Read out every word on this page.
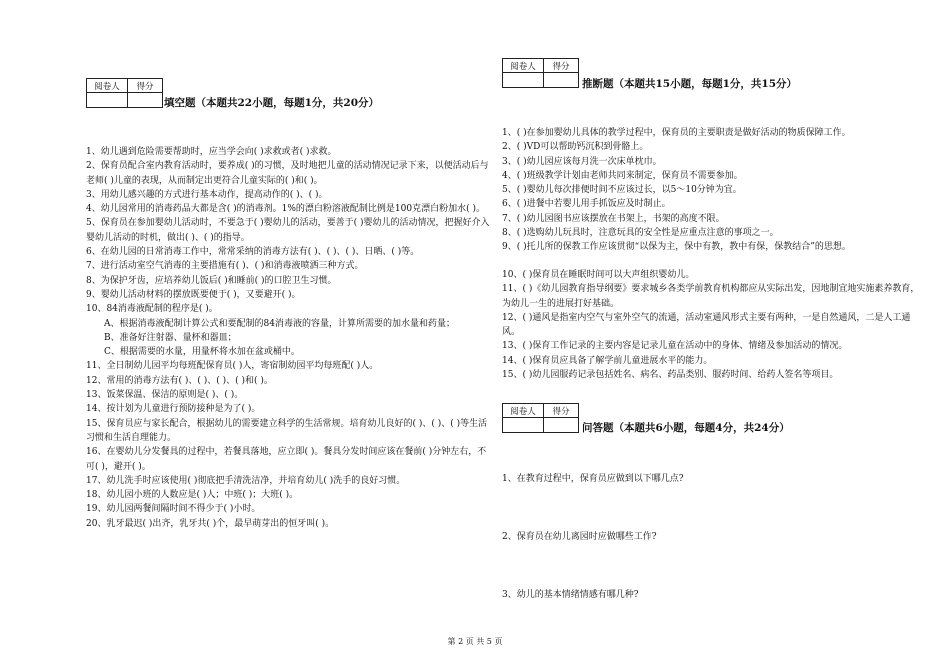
阅卷人	得分

填空题（本题共22小题，每题1分，共20分）
1、幼儿遇到危险需要帮助时，应当学会向( )求救或者( )求救。
2、保育员配合室内教育活动时，要养成( )的习惯，及时地把儿童的活动情况记录下来，以便活动后与老师( )儿童的表现，从而制定出更符合儿童实际的( )和( )。
3、用幼儿感兴趣的方式进行基本动作，提高动作的( )、( )。
4、幼儿园常用的消毒药品大都是含( )的消毒剂。1%的漂白粉溶液配制比例是100克漂白粉加水( )。
5、保育员在参加婴幼儿活动时，不要急于( )婴幼儿的活动，要善于( )婴幼儿的活动情况，把握好介入婴幼儿活动的时机，做出( )、( )的指导。
6、在幼儿园的日常消毒工作中，常常采纳的消毒方法有( )、( )、( )、日晒、( )等。
7、进行活动室空气消毒的主要措施有( )、( )和消毒液喷洒三种方式。
8、为保护牙齿，应培养幼儿饭后( )和睡前( )的口腔卫生习惯。
9、婴幼儿活动材料的摆放既要便于( )，又要避开( )。
10、84消毒液配制的程序是( )。
A、根据消毒液配制计算公式和要配制的84消毒液的容量，计算所需要的加水量和药量；
B、准备好注射器、量杯和器皿；
C、根据需要的水量，用量杯将水加在盆或桶中。
11、全日制幼儿园平均每班配保育员( )人，寄宿制幼园平均每班配( )人。
12、常用的消毒方法有( )、( )、( )、( )和( )。
13、饭菜保温、保洁的原则是( )、( )。
14、按计划为儿童进行预防接种是为了( )。
15、保育员应与家长配合，根据幼儿的需要建立科学的生活常规。培育幼儿良好的( )、( )、( )等生活习惯和生活自理能力。
16、在婴幼儿分发餐具的过程中，若餐具落地，应立即( )。餐具分发时间应该在餐前( )分钟左右，不可( )，避开( )。
17、幼儿洗手时应该使用( )彻底把手清洗洁净，并培育幼儿( )洗手的良好习惯。
18、幼儿园小班的人数应是( )人；中班( )；大班( )。
19、幼儿园两餐间隔时间不得少于( )小时。
20、乳牙最迟( )出齐，乳牙共( )个，最早萌芽出的恒牙叫( )。
阅卷人	得分

推断题（本题共15小题，每题1分，共15分）
1、( )在参加婴幼儿具体的教学过程中，保育员的主要职责是做好活动的物质保障工作。
2、( )VD可以帮助钙沉积到骨骼上。
3、( )幼儿园应该每月洗一次床单枕巾。
4、( )班级教学计划由老师共同来制定，保育员不需要参加。
5、( )婴幼儿每次排便时间不应该过长，以5～10分钟为宜。
6、( )进餐中若婴儿用手抓饭应及时制止。
7、( )幼儿园图书应该摆放在书架上，书架的高度不限。
8、( )选购幼儿玩具时，注意玩具的安全性是应重点注意的事项之一。
9、( )托儿所的保教工作应该贯彻“以保为主，保中有教，教中有保，保教结合”的思想。
10、( )保育员在睡眠时间可以大声组织婴幼儿。
11、( )《幼儿园教育指导纲要》要求城乡各类学前教育机构都应从实际出发，因地制宜地实施素养教育，为幼儿一生的进展打好基础。
12、( )通风是指室内空气与室外空气的流通，活动室通风形式主要有两种，一是自然通风，二是人工通风。
13、( )保育工作记录的主要内容是记录儿童在活动中的身体、情绪及参加活动的情况。
14、( )保育员应具备了解学前儿童进展水平的能力。
15、( )幼儿园服药记录包括姓名、病名、药品类别、服药时间、给药人签名等项目。
阅卷人	得分

问答题（本题共6小题，每题4分，共24分）
1、在教育过程中，保育员应做到以下哪几点?
2、保育员在幼儿离园时应做哪些工作?
3、幼儿的基本情绪情感有哪几种?
第 2 页 共 5 页
